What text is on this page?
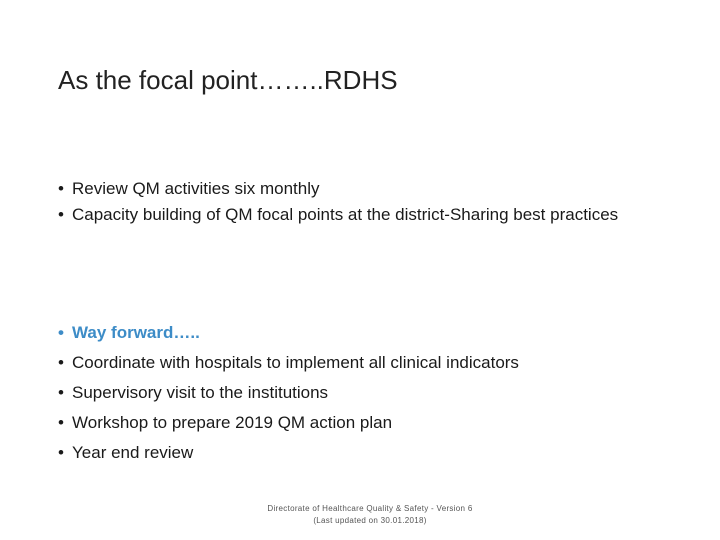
As the focal point……..RDHS
• Review QM activities six monthly
• Capacity building of QM focal points at the district-Sharing best practices
• Way forward…..
• Coordinate with hospitals to implement all clinical indicators
• Supervisory visit to the institutions
• Workshop to prepare 2019 QM action plan
• Year end review
Directorate of Healthcare Quality & Safety - Version 6
(Last updated on 30.01.2018)
